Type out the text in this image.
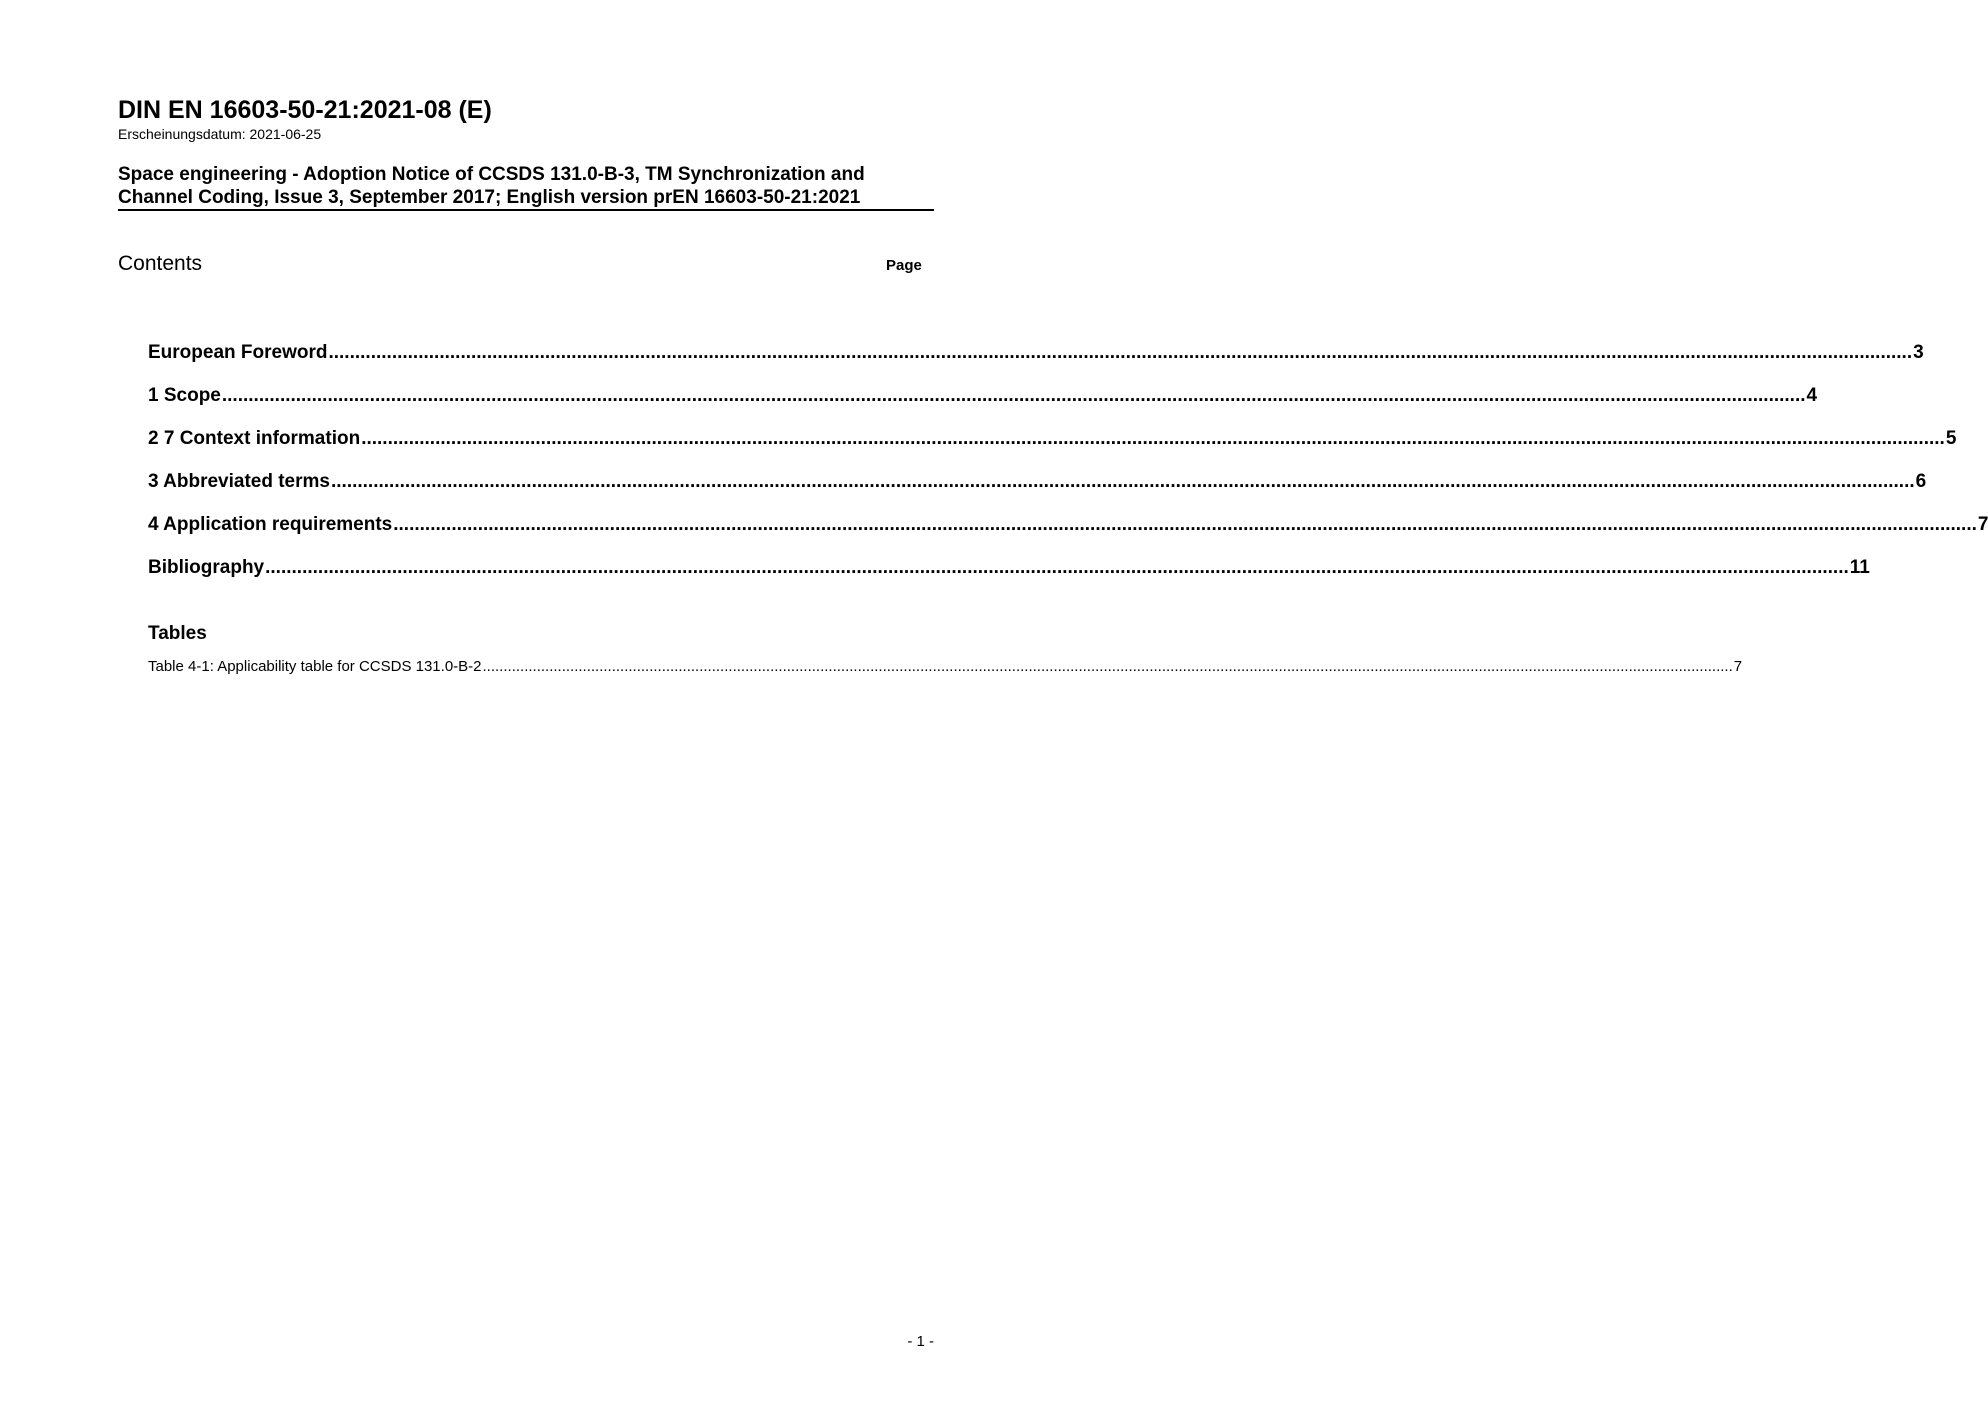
DIN EN 16603-50-21:2021-08 (E)
Erscheinungsdatum: 2021-06-25
Space engineering - Adoption Notice of CCSDS 131.0-B-3, TM Synchronization and Channel Coding, Issue 3, September 2017; English version prEN 16603-50-21:2021
Contents	Page
European Foreword ............................................................................................................................................................................................................................................................................................................ 3
1 Scope ............................................................................................................................................................................................................................................................................................................ 4
2 7 Context information ............................................................................................................................................................................................................................................................................................................ 5
3 Abbreviated terms ............................................................................................................................................................................................................................................................................................................ 6
4 Application requirements ............................................................................................................................................................................................................................................................................................................ 7
Bibliography ............................................................................................................................................................................................................................................................................................................ 11
Tables
Table 4-1: Applicability table for CCSDS 131.0-B-2 ............................................................................................................................................................................................................................................................................................................ 7
- 1 -
